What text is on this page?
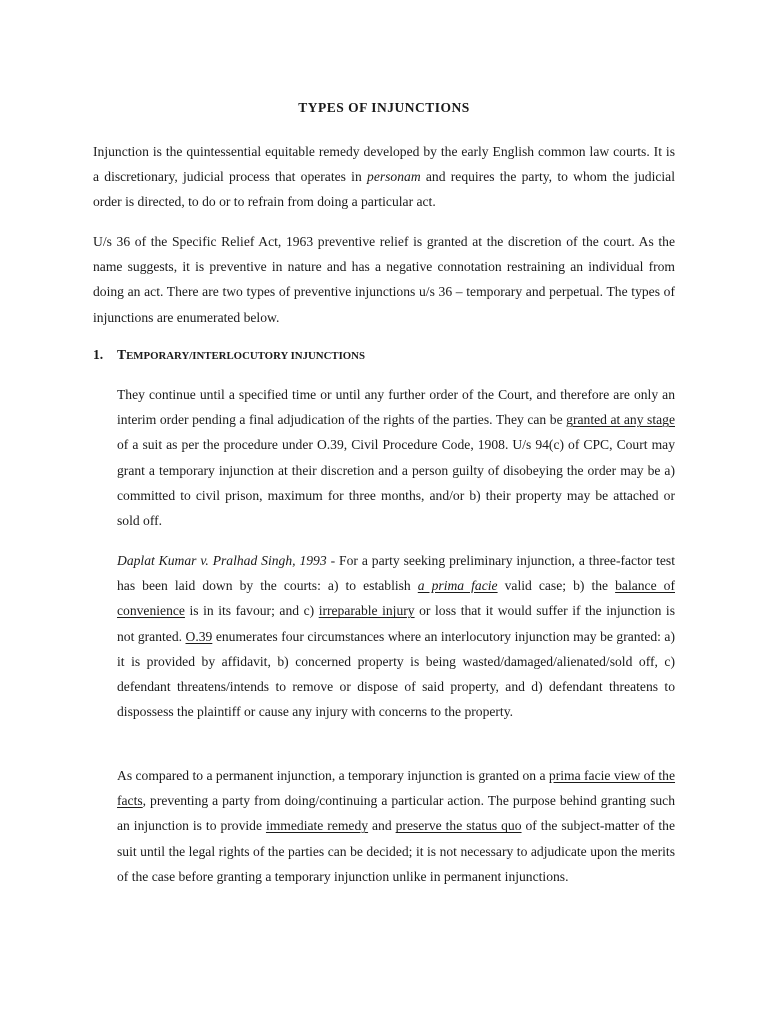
TYPES OF INJUNCTIONS
Injunction is the quintessential equitable remedy developed by the early English common law courts. It is a discretionary, judicial process that operates in personam and requires the party, to whom the judicial order is directed, to do or to refrain from doing a particular act.
U/s 36 of the Specific Relief Act, 1963 preventive relief is granted at the discretion of the court. As the name suggests, it is preventive in nature and has a negative connotation restraining an individual from doing an act. There are two types of preventive injunctions u/s 36 – temporary and perpetual. The types of injunctions are enumerated below.
1. TEMPORARY/INTERLOCUTORY INJUNCTIONS
They continue until a specified time or until any further order of the Court, and therefore are only an interim order pending a final adjudication of the rights of the parties. They can be granted at any stage of a suit as per the procedure under O.39, Civil Procedure Code, 1908. U/s 94(c) of CPC, Court may grant a temporary injunction at their discretion and a person guilty of disobeying the order may be a) committed to civil prison, maximum for three months, and/or b) their property may be attached or sold off.
Daplat Kumar v. Pralhad Singh, 1993 - For a party seeking preliminary injunction, a three-factor test has been laid down by the courts: a) to establish a prima facie valid case; b) the balance of convenience is in its favour; and c) irreparable injury or loss that it would suffer if the injunction is not granted. O.39 enumerates four circumstances where an interlocutory injunction may be granted: a) it is provided by affidavit, b) concerned property is being wasted/damaged/alienated/sold off, c) defendant threatens/intends to remove or dispose of said property, and d) defendant threatens to dispossess the plaintiff or cause any injury with concerns to the property.
As compared to a permanent injunction, a temporary injunction is granted on a prima facie view of the facts, preventing a party from doing/continuing a particular action. The purpose behind granting such an injunction is to provide immediate remedy and preserve the status quo of the subject-matter of the suit until the legal rights of the parties can be decided; it is not necessary to adjudicate upon the merits of the case before granting a temporary injunction unlike in permanent injunctions.
